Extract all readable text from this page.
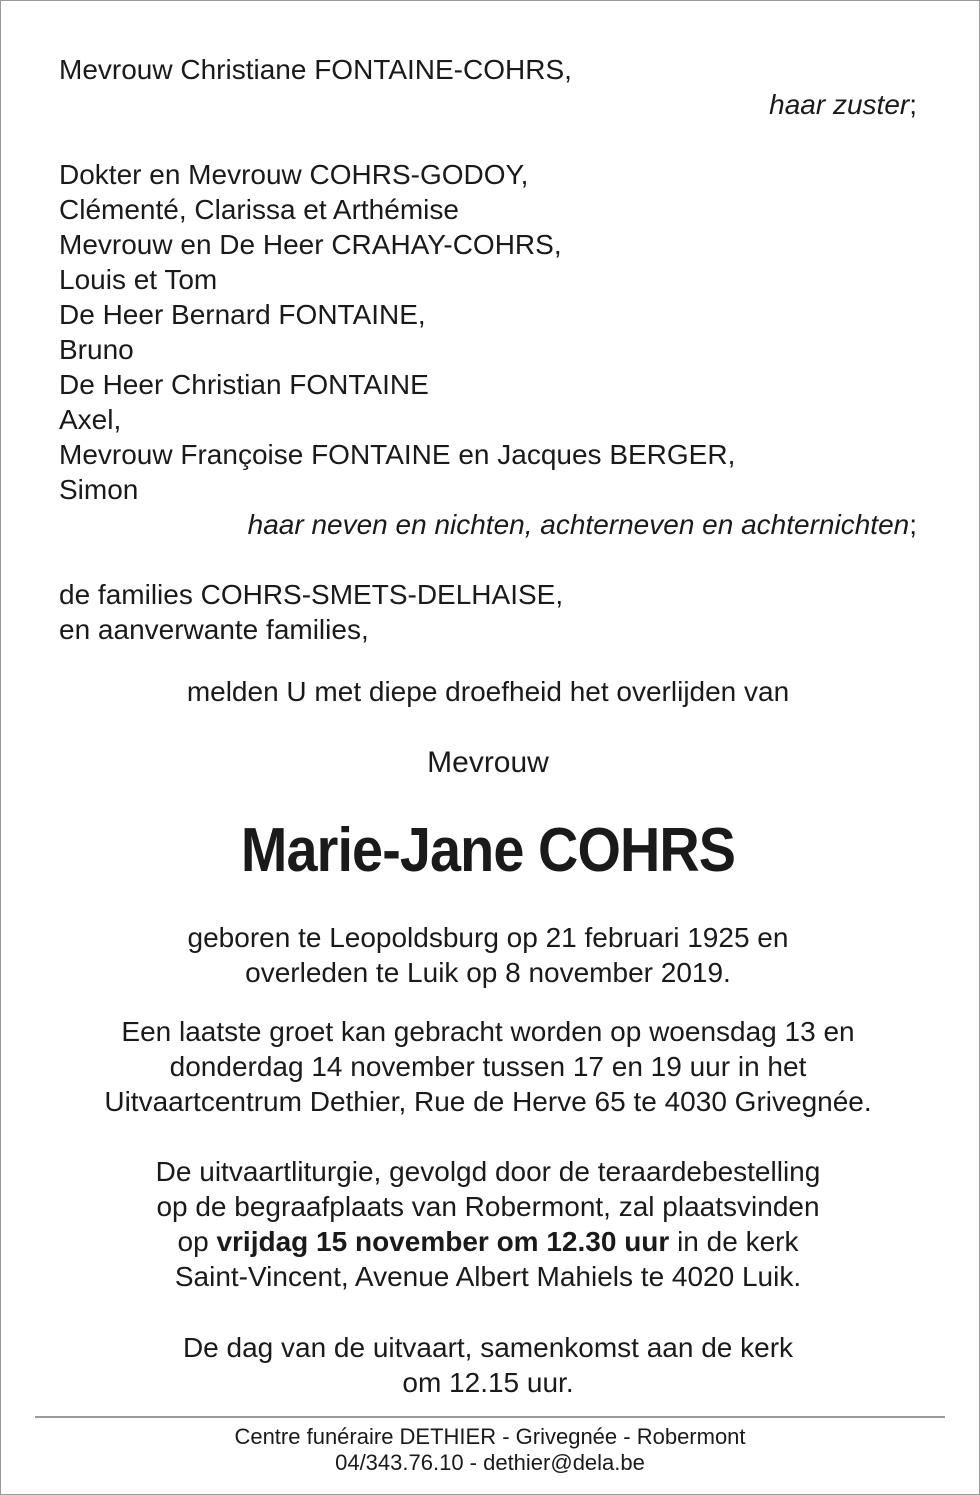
Mevrouw Christiane FONTAINE-COHRS,
haar zuster;
Dokter en Mevrouw COHRS-GODOY,
Clémenté, Clarissa et Arthémise
Mevrouw en De Heer CRAHAY-COHRS,
Louis et Tom
De Heer Bernard FONTAINE,
Bruno
De Heer Christian FONTAINE
Axel,
Mevrouw Françoise FONTAINE en Jacques BERGER,
Simon
haar neven en nichten, achterneven en achternichten;
de families COHRS-SMETS-DELHAISE,
en aanverwante families,
melden U met diepe droefheid het overlijden van
Mevrouw
Marie-Jane COHRS
geboren te Leopoldsburg op 21 februari 1925 en
overleden te Luik op 8 november 2019.
Een laatste groet kan gebracht worden op woensdag 13 en
donderdag 14 november tussen 17 en 19 uur in het
Uitvaartcentrum Dethier, Rue de Herve 65 te 4030 Grivegnée.
De uitvaartliturgie, gevolgd door de teraardebestelling
op de begraafplaats van Robermont, zal plaatsvinden
op vrijdag 15 november om 12.30 uur in de kerk
Saint-Vincent, Avenue Albert Mahiels te 4020 Luik.
De dag van de uitvaart, samenkomst aan de kerk
om 12.15 uur.
Centre funéraire DETHIER - Grivegnée - Robermont
04/343.76.10 - dethier@dela.be
